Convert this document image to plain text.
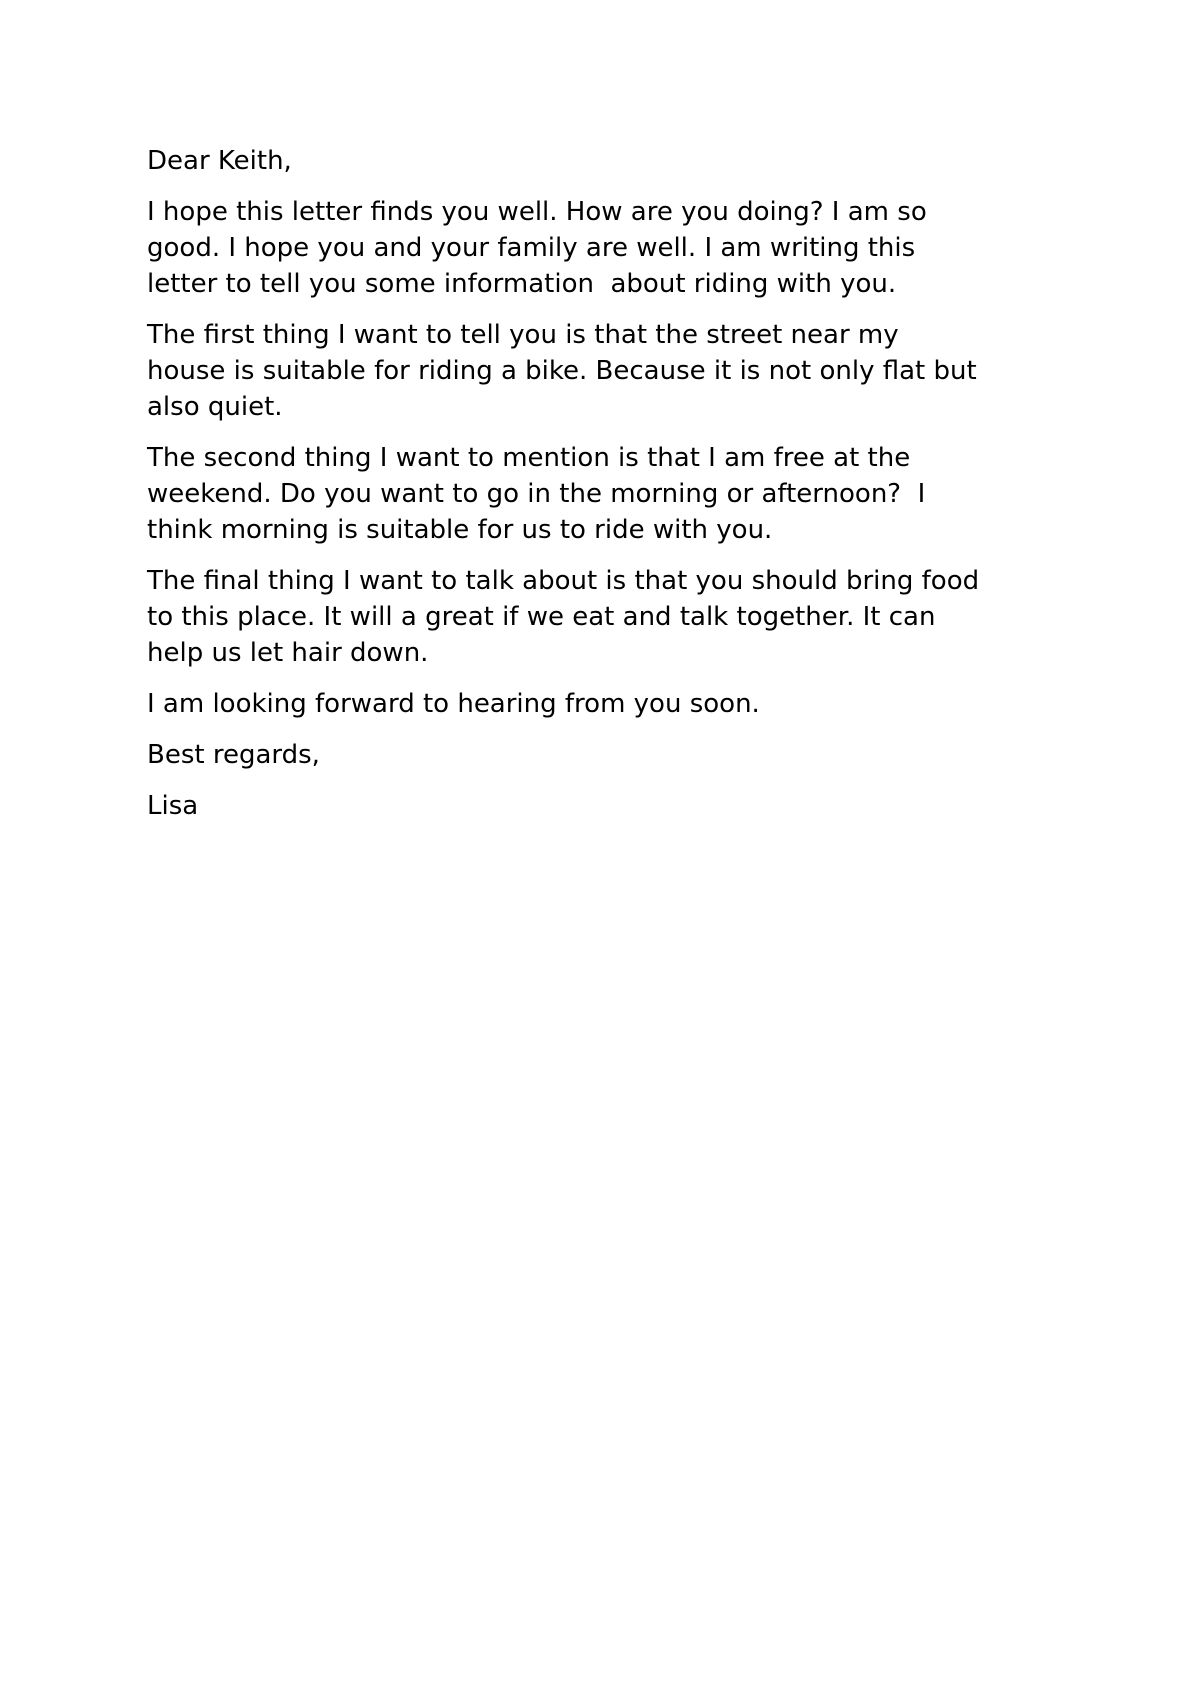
Dear Keith,

I hope this letter finds you well. How are you doing? I am so
good. I hope you and your family are well. I am writing this
letter to tell you some information  about riding with you.

The first thing I want to tell you is that the street near my
house is suitable for riding a bike. Because it is not only flat but
also quiet.

The second thing I want to mention is that I am free at the
weekend. Do you want to go in the morning or afternoon?  I
think morning is suitable for us to ride with you.

The final thing I want to talk about is that you should bring food
to this place. It will a great if we eat and talk together. It can
help us let hair down.

I am looking forward to hearing from you soon.

Best regards,

Lisa
